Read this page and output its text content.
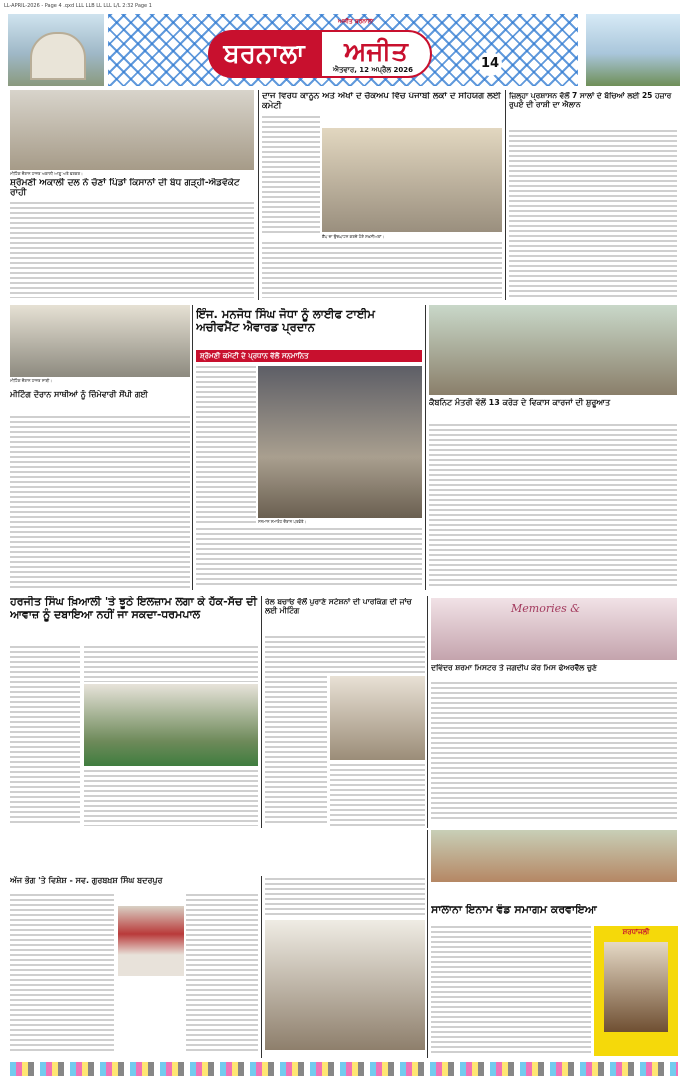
LL-APRIL-2026 - Page 4 .qxd LLL LLB LL LLL L/L 2:32 Page 1
ਅਜੀਤ ਬਰਨਾਲਾ
ਬਰਨਾਲਾ	ਅਜੀਤ
ਐਤਵਾਰ, 12 ਅਪ੍ਰੈਲ 2026	14
ਮੀਟਿੰਗ ਦੌਰਾਨ ਹਾਜ਼ਰ ਅਕਾਲੀ ਆਗੂ ਅਤੇ ਵਰਕਰ।
ਸ਼੍ਰੋਮਣੀ ਅਕਾਲੀ ਦਲ ਨੇ ਚੋਣਾਂ ਪਿੰਡਾਂ ਕਿਸਾਨਾਂ ਦੀ ਬੰਧ ਗੜ੍ਹੀ-ਐਡਵੋਕੇਟ ਰਾਹੀ
ਦਾਜ ਵਿਰੋਧ ਕਾਨੂੰਨ ਅਤੇ ਅੱਖਾਂ ਦੇ ਚੈੱਕਅਪ ਵਿੱਚ ਪੰਜਾਬੀ ਲੋਕਾਂ ਦੇ ਸਹਿਯੋਗ ਲਈ ਕਮੇਟੀ
ਕੈਂਪ ਦਾ ਉਦਘਾਟਨ ਕਰਦੇ ਹੋਏ ਸ਼ਖ਼ਸੀਅਤਾਂ।
ਜ਼ਿਲ੍ਹਾ ਪ੍ਰਸ਼ਾਸਨ ਵੱਲੋਂ 7 ਸਾਲਾਂ ਦੇ ਬੱਚਿਆਂ ਲਈ 25 ਹਜ਼ਾਰ ਰੁਪਏ ਦੀ ਰਾਸ਼ੀ ਦਾ ਐਲਾਨ
ਮੀਟਿੰਗ ਦੌਰਾਨ ਹਾਜ਼ਰ ਸਾਥੀ।
ਮੀਟਿੰਗ ਦੌਰਾਨ ਸਾਥੀਆਂ ਨੂੰ ਜ਼ਿੰਮੇਵਾਰੀ ਸੌਂਪੀ ਗਈ
ਇੰਜ. ਮਨਜੋਧ ਸਿੰਘ ਜੋਧਾ ਨੂੰ ਲਾਈਫ ਟਾਈਮ ਅਚੀਵਮੈਂਟ ਐਵਾਰਡ ਪ੍ਰਦਾਨ
ਸ਼੍ਰੋਮਣੀ ਕਮੇਟੀ ਦੇ ਪ੍ਰਧਾਨ ਵੱਲੋਂ ਸਨਮਾਨਿਤ
ਸਨਮਾਨ ਸਮਾਰੋਹ ਦੌਰਾਨ ਪਤਵੰਤੇ।
ਕੈਬਨਿਟ ਮੰਤਰੀ ਵੱਲੋਂ 13 ਕਰੋੜ ਦੇ ਵਿਕਾਸ ਕਾਰਜਾਂ ਦੀ ਸ਼ੁਰੂਆਤ
ਹਰਜੀਤ ਸਿੰਘ ਖ਼ਿਆਲੀ 'ਤੇ ਝੂਠੇ ਇਲਜ਼ਾਮ ਲਗਾ ਕੇ ਹੱਕ-ਸੱਚ ਦੀ ਆਵਾਜ਼ ਨੂੰ ਦਬਾਇਆ ਨਹੀਂ ਜਾ ਸਕਦਾ-ਧਰਮਪਾਲ
ਰੇਲ ਬਚਾਓ ਵੱਲੋਂ ਪੁਰਾਣੇ ਸਟੇਸ਼ਨਾਂ ਦੀ ਪਾਰਕਿੰਗ ਦੀ ਜਾਂਚ ਲਈ ਮੀਟਿੰਗ	Memories &
ਦਵਿੰਦਰ ਸ਼ਰਮਾ ਮਿਸਟਰ ਤੇ ਜਗਦੀਪ ਕੌਰ ਮਿਸ ਫੇਅਰਵੈੱਲ ਚੁਣੇ
ਅੱਜ ਭੋਗ 'ਤੇ ਵਿਸ਼ੇਸ਼ - ਸਵ. ਗੁਰਬਖ਼ਸ਼ ਸਿੰਘ ਬਦਰਪੁਰ
ਸਾਲਾਨਾ ਇਨਾਮ ਵੰਡ ਸਮਾਗਮ ਕਰਵਾਇਆ
ਸ਼ਰਧਾਂਜਲੀ
